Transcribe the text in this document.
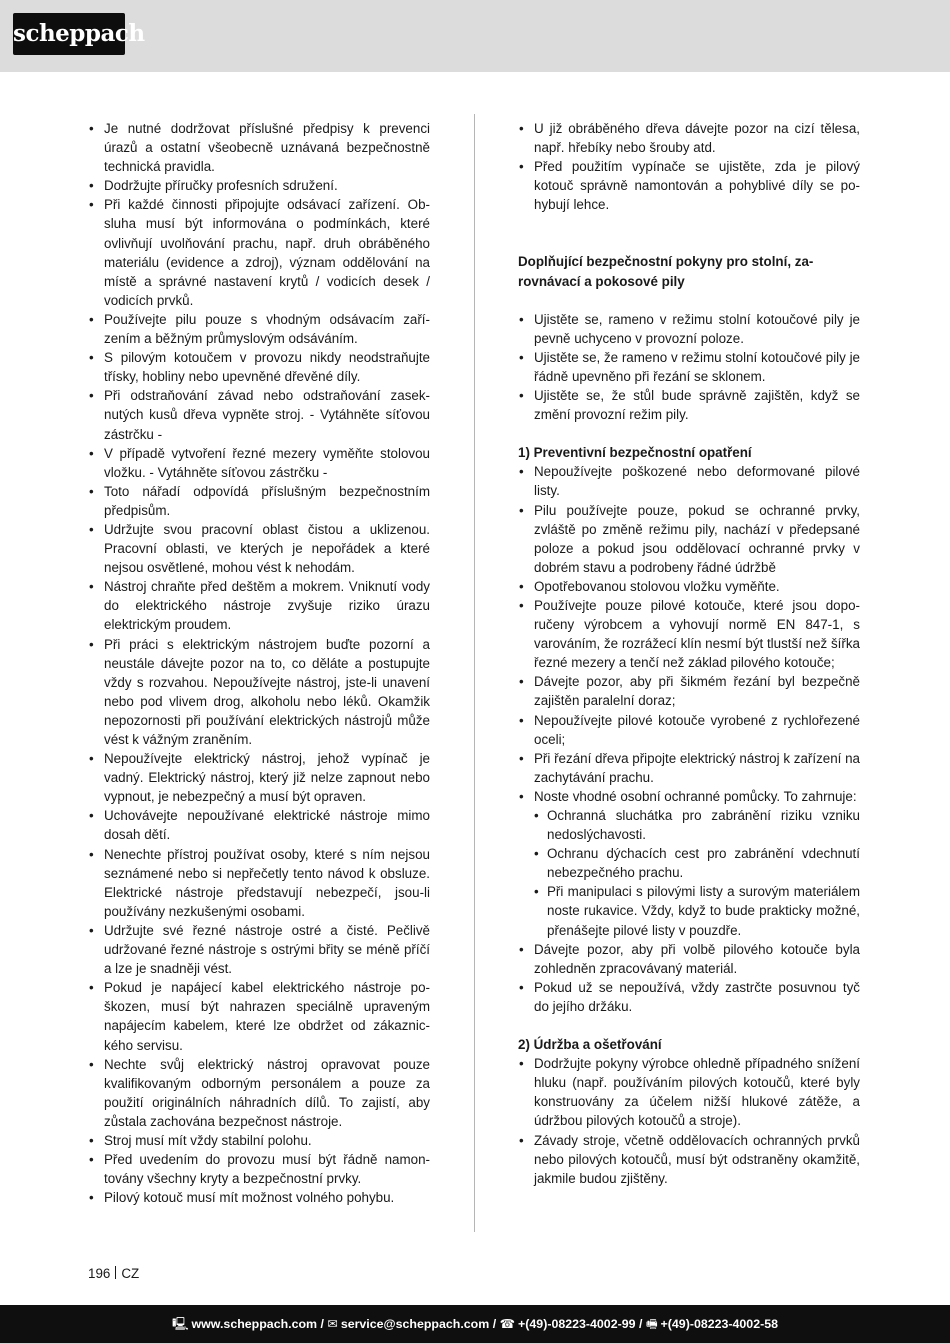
scheppach
• Je nutné dodržovat příslušné předpisy k prevenci úrazů a ostatní všeobecně uznávaná bezpečnostně technická pravidla.
• Dodržujte příručky profesních sdružení.
• Při každé činnosti připojujte odsávací zařízení. Obsluha musí být informována o podmínkách, které ovlivňují uvolňování prachu, např. druh obráběného materiálu (evidence a zdroj), význam oddělování na místě a správné nastavení krytů / vodicích desek / vodicích prvků.
• Používejte pilu pouze s vhodným odsávacím zařízením a běžným průmyslovým odsáváním.
• S pilovým kotoučem v provozu nikdy neodstraňujte třísky, hobliny nebo upevněné dřevěné díly.
• Při odstraňování závad nebo odstraňování zaseknutých kusů dřeva vypněte stroj. - Vytáhněte síťovou zástrčku -
• V případě vytvoření řezné mezery vyměňte stolovou vložku. - Vytáhněte síťovou zástrčku -
• Toto nářadí odpovídá příslušným bezpečnostním předpisům.
• Udržujte svou pracovní oblast čistou a uklizenou. Pracovní oblasti, ve kterých je nepořádek a které nejsou osvětlené, mohou vést k nehodám.
• Nástroj chraňte před deštěm a mokrem. Vniknutí vody do elektrického nástroje zvyšuje riziko úrazu elektrickým proudem.
• Při práci s elektrickým nástrojem buďte pozorní a neustále dávejte pozor na to, co děláte a postupujte vždy s rozvahou. Nepoužívejte nástroj, jste-li unavení nebo pod vlivem drog, alkoholu nebo léků. Okamžik nepozornosti při používání elektrických nástrojů může vést k vážným zraněním.
• Nepoužívejte elektrický nástroj, jehož vypínač je vadný. Elektrický nástroj, který již nelze zapnout nebo vypnout, je nebezpečný a musí být opraven.
• Uchovávejte nepoužívané elektrické nástroje mimo dosah dětí.
• Nenechte přístroj používat osoby, které s ním nejsou seznámené nebo si nepřečetly tento návod k obsluze. Elektrické nástroje představují nebezpečí, jsou-li používány nezkušenými osobami.
• Udržujte své řezné nástroje ostré a čisté. Pečlivě udržované řezné nástroje s ostrými břity se méně příčí a lze je snadněji vést.
• Pokud je napájecí kabel elektrického nástroje poškozen, musí být nahrazen speciálně upraveným napájecím kabelem, které lze obdržet od zákaznického servisu.
• Nechte svůj elektrický nástroj opravovat pouze kvalifikovaným odborným personálem a pouze za použití originálních náhradních dílů. To zajistí, aby zůstala zachována bezpečnost nástroje.
• Stroj musí mít vždy stabilní polohu.
• Před uvedením do provozu musí být řádně namontovány všechny kryty a bezpečnostní prvky.
• Pilový kotouč musí mít možnost volného pohybu.
• U již obráběného dřeva dávejte pozor na cizí tělesa, např. hřebíky nebo šrouby atd.
• Před použitím vypínače se ujistěte, zda je pilový kotouč správně namontován a pohyblivé díly se pohybují lehce.

Doplňující bezpečnostní pokyny pro stolní, zarovnávací a pokosové pily

• Ujistěte se, rameno v režimu stolní kotoučové pily je pevně uchyceno v provozní poloze.
• Ujistěte se, že rameno v režimu stolní kotoučové pily je řádně upevněno při řezání se sklonem.
• Ujistěte se, že stůl bude správně zajištěn, když se změní provozní režim pily.

1) Preventivní bezpečnostní opatření

• Nepoužívejte poškozené nebo deformované pilové listy.
• Pilu používejte pouze, pokud se ochranné prvky, zvláště po změně režimu pily, nachází v předepsané poloze a pokud jsou oddělovací ochranné prvky v dobrém stavu a podrobeny řádné údržbě
• Opotřebovanou stolovou vložku vyměňte.
• Používejte pouze pilové kotouče, které jsou doporučeny výrobcem a vyhovují normě EN 847-1, s varováním, že rozrážecí klín nesmí být tlustší než šířka řezné mezery a tenčí než základ pilového kotouče;
• Dávejte pozor, aby při šikmém řezání byl bezpečně zajištěn paralelní doraz;
• Nepoužívejte pilové kotouče vyrobené z rychlořezené oceli;
• Při řezání dřeva připojte elektrický nástroj k zařízení na zachytávání prachu.
• Noste vhodné osobní ochranné pomůcky. To zahrnuje:
• Ochranná sluchátka pro zabránění riziku vzniku nedoslýchavosti.
• Ochranu dýchacích cest pro zabránění vdechnutí nebezpečného prachu.
• Při manipulaci s pilovými listy a surovým materiálem noste rukavice. Vždy, když to bude prakticky možné, přenášejte pilové listy v pouzdře.
• Dávejte pozor, aby při volbě pilového kotouče byla zohledněn zpracovávaný materiál.
• Pokud už se nepoužívá, vždy zastrčte posuvnou tyč do jejího držáku.

2) Údržba a ošetřování

• Dodržujte pokyny výrobce ohledně případného snížení hluku (např. používáním pilových kotoučů, které byly konstruovány za účelem nižší hlukové zátěže, a údržbou pilových kotoučů a stroje).
• Závady stroje, včetně oddělovacích ochranných prvků nebo pilových kotoučů, musí být odstraněny okamžitě, jakmile budou zjištěny.
196 CZ
🖳 www.scheppach.com / ✉ service@scheppach.com / ☎ +(49)-08223-4002-99 / 🖷 +(49)-08223-4002-58
